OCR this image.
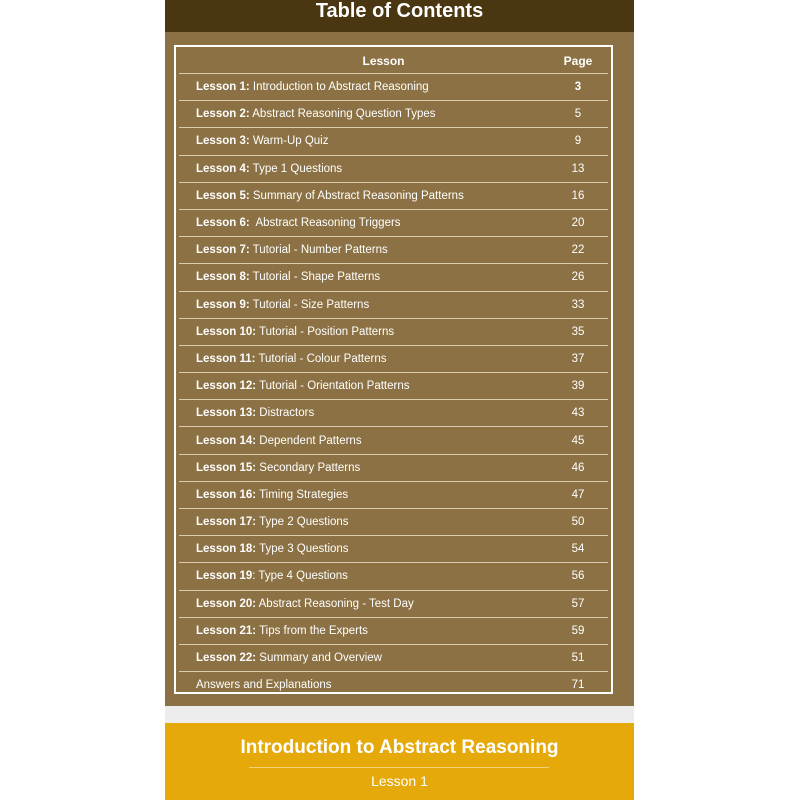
Table of Contents
Lesson	Page
Lesson 1: Introduction to Abstract Reasoning	3
Lesson 2: Abstract Reasoning Question Types	5
Lesson 3: Warm-Up Quiz	9
Lesson 4: Type 1 Questions	13
Lesson 5: Summary of Abstract Reasoning Patterns	16
Lesson 6:  Abstract Reasoning Triggers	20
Lesson 7: Tutorial - Number Patterns	22
Lesson 8: Tutorial - Shape Patterns	26
Lesson 9: Tutorial - Size Patterns	33
Lesson 10: Tutorial - Position Patterns	35
Lesson 11: Tutorial - Colour Patterns	37
Lesson 12: Tutorial - Orientation Patterns	39
Lesson 13: Distractors	43
Lesson 14: Dependent Patterns	45
Lesson 15: Secondary Patterns	46
Lesson 16: Timing Strategies	47
Lesson 17: Type 2 Questions	50
Lesson 18: Type 3 Questions	54
Lesson 19: Type 4 Questions	56
Lesson 20: Abstract Reasoning - Test Day	57
Lesson 21: Tips from the Experts	59
Lesson 22: Summary and Overview	51
Answers and Explanations	71
Introduction to Abstract Reasoning
Lesson 1
